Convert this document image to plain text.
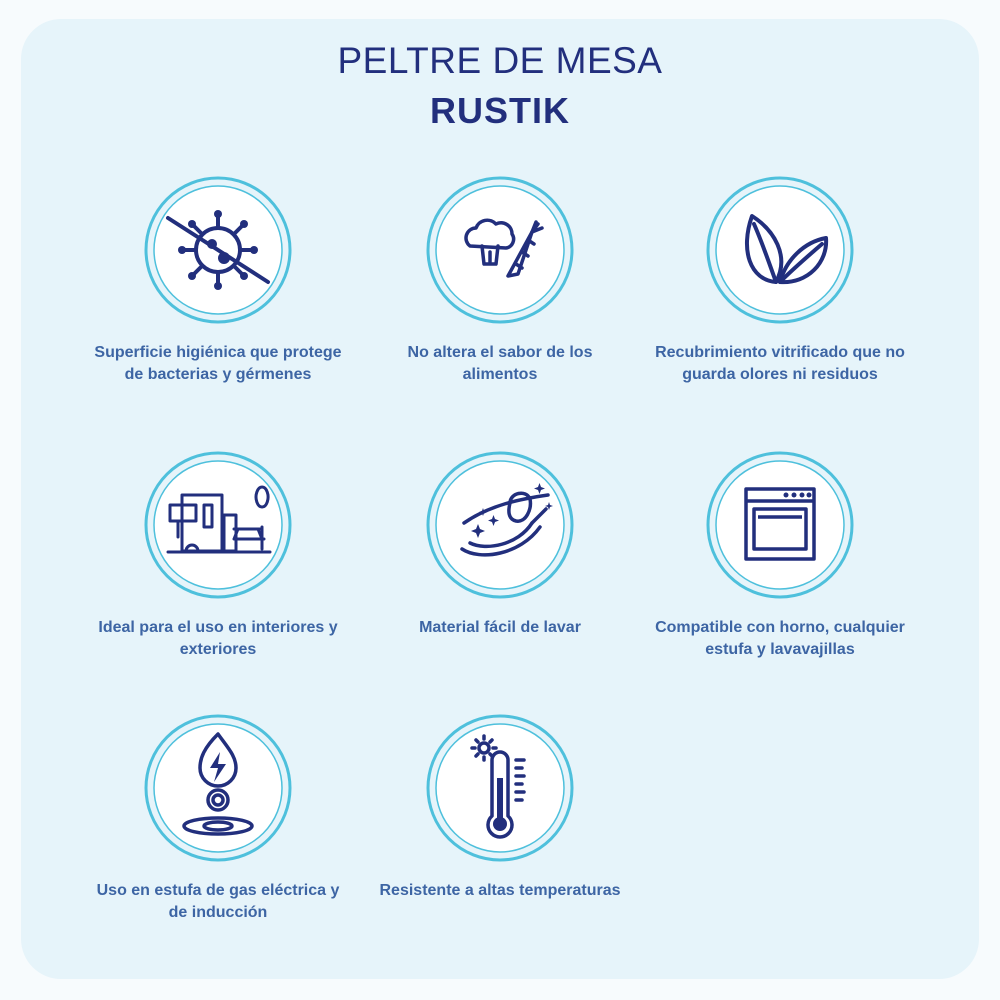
PELTRE DE MESA
RUSTIK
Superficie higiénica que protege de bacterias y gérmenes
No altera el sabor de los alimentos
Recubrimiento vitrificado que no guarda olores ni residuos
Ideal para el uso en interiores y exteriores
Material fácil de lavar	Compatible con horno, cualquier estufa y lavavajillas
Uso en estufa de gas eléctrica y de inducción
Resistente a altas temperaturas
